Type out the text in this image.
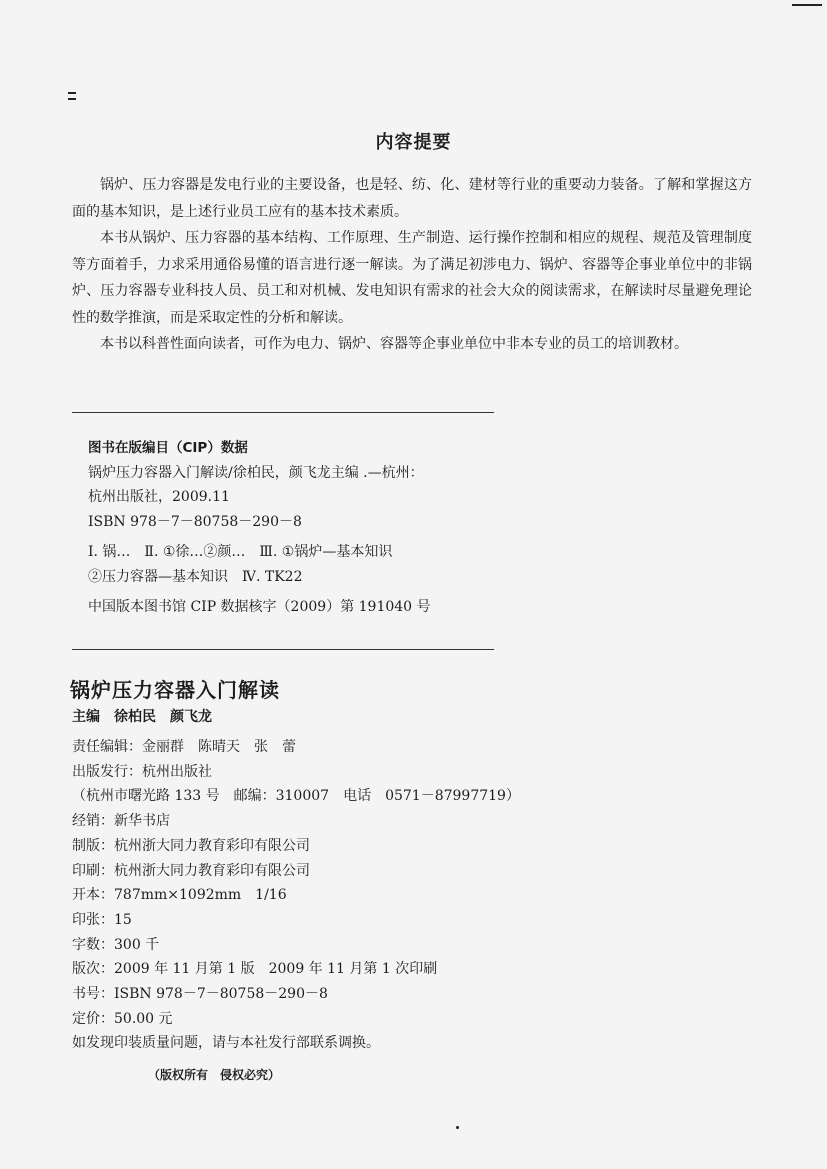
内容提要

锅炉、压力容器是发电行业的主要设备，也是轻、纺、化、建材等行业的重要动力装备。了解和掌握这方面的基本知识，是上述行业员工应有的基本技术素质。

本书从锅炉、压力容器的基本结构、工作原理、生产制造、运行操作控制和相应的规程、规范及管理制度等方面着手，力求采用通俗易懂的语言进行逐一解读。为了满足初涉电力、锅炉、容器等企事业单位中的非锅炉、压力容器专业科技人员、员工和对机械、发电知识有需求的社会大众的阅读需求，在解读时尽量避免理论性的数学推演，而是采取定性的分析和解读。

本书以科普性面向读者，可作为电力、锅炉、容器等企事业单位中非本专业的员工的培训教材。

图书在版编目（CIP）数据
锅炉压力容器入门解读/徐柏民，颜飞龙主编 .—杭州：
杭州出版社，2009.11
ISBN 978－7－80758－290－8
Ⅰ. 锅…　Ⅱ. ①徐…②颜…　Ⅲ. ①锅炉—基本知识
②压力容器—基本知识　Ⅳ. TK22
中国版本图书馆 CIP 数据核字（2009）第 191040 号
锅炉压力容器入门解读
主编　徐柏民　颜飞龙
责任编辑：金丽群　陈晴天　张　蕾
出版发行：杭州出版社
（杭州市曙光路 133 号　邮编：310007　电话　0571－87997719）
经销：新华书店
制版：杭州浙大同力教育彩印有限公司
印刷：杭州浙大同力教育彩印有限公司
开本：787mm×1092mm　1/16
印张：15
字数：300 千
版次：2009 年 11 月第 1 版　2009 年 11 月第 1 次印刷
书号：ISBN 978－7－80758－290－8
定价：50.00 元
如发现印装质量问题，请与本社发行部联系调换。
（版权所有　侵权必究）
